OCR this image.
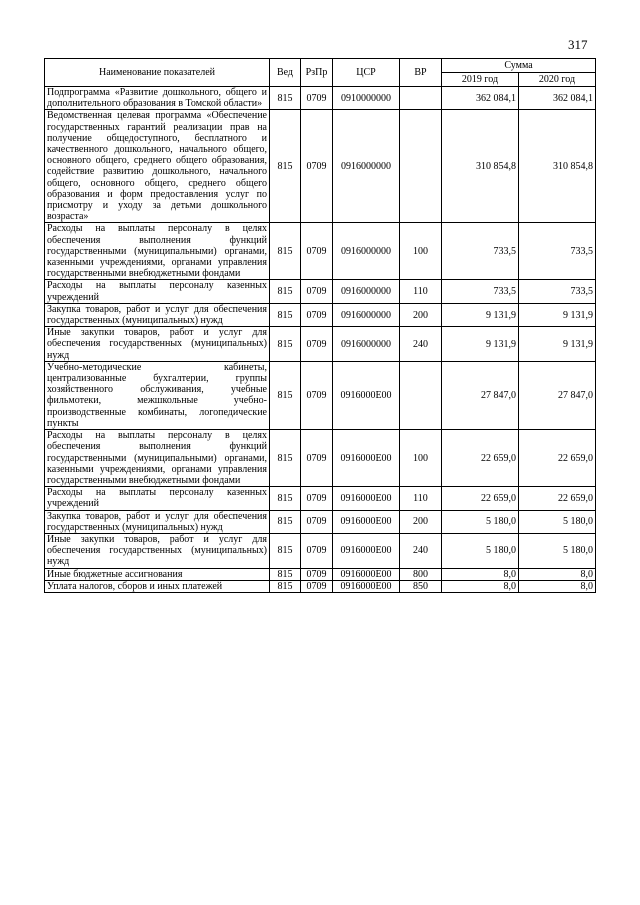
317
Наименование показателей	Вед	РзПр	ЦСР	ВР	Сумма	
					2019 год	2020 год
Подпрограмма «Развитие дошкольного, общего и дополнительного образования в Томской области»	815	0709	0910000000		362 084,1	362 084,1
Ведомственная целевая программа «Обеспечение государственных гарантий реализации прав на получение общедоступного, бесплатного и качественного дошкольного, начального общего, основного общего, среднего общего образования, содействие развитию дошкольного, начального общего, основного общего, среднего общего образования и форм предоставления услуг по присмотру и уходу за детьми дошкольного возраста»	815	0709	0916000000		310 854,8	310 854,8
Расходы на выплаты персоналу в целях обеспечения выполнения функций государственными (муниципальными) органами, казенными учреждениями, органами управления государственными внебюджетными фондами	815	0709	0916000000	100	733,5	733,5
Расходы на выплаты персоналу казенных учреждений	815	0709	0916000000	110	733,5	733,5
Закупка товаров, работ и услуг для обеспечения государственных (муниципальных) нужд	815	0709	0916000000	200	9 131,9	9 131,9
Иные закупки товаров, работ и услуг для обеспечения государственных (муниципальных) нужд	815	0709	0916000000	240	9 131,9	9 131,9
Учебно-методические кабинеты, централизованные бухгалтерии, группы хозяйственного обслуживания, учебные фильмотеки, межшкольные учебно-производственные комбинаты, логопедические пункты	815	0709	0916000Е00		27 847,0	27 847,0
Расходы на выплаты персоналу в целях обеспечения выполнения функций государственными (муниципальными) органами, казенными учреждениями, органами управления государственными внебюджетными фондами	815	0709	0916000Е00	100	22 659,0	22 659,0
Расходы на выплаты персоналу казенных учреждений	815	0709	0916000Е00	110	22 659,0	22 659,0
Закупка товаров, работ и услуг для обеспечения государственных (муниципальных) нужд	815	0709	0916000Е00	200	5 180,0	5 180,0
Иные закупки товаров, работ и услуг для обеспечения государственных (муниципальных) нужд	815	0709	0916000Е00	240	5 180,0	5 180,0
Иные бюджетные ассигнования	815	0709	0916000Е00	800	8,0	8,0
Уплата налогов, сборов и иных платежей	815	0709	0916000Е00	850	8,0	8,0
